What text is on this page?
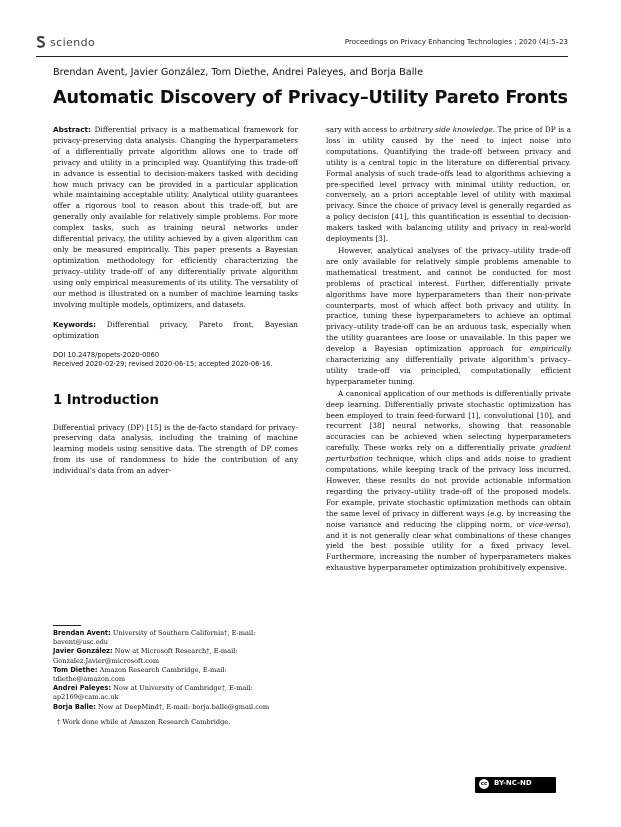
sciendo	Proceedings on Privacy Enhancing Technologies ; 2020 (4):5–23
Brendan Avent, Javier González, Tom Diethe, Andrei Paleyes, and Borja Balle
Automatic Discovery of Privacy–Utility Pareto Fronts

Abstract: Differential privacy is a mathematical framework for privacy-preserving data analysis. Changing the hyperparameters of a differentially private algorithm allows one to trade off privacy and utility in a principled way. Quantifying this trade-off in advance is essential to decision-makers tasked with deciding how much privacy can be provided in a particular application while maintaining acceptable utility. Analytical utility guarantees offer a rigorous tool to reason about this trade-off, but are generally only available for relatively simple problems. For more complex tasks, such as training neural networks under differential privacy, the utility achieved by a given algorithm can only be measured empirically. This paper presents a Bayesian optimization methodology for efficiently characterizing the privacy–utility trade-off of any differentially private algorithm using only empirical measurements of its utility. The versatility of our method is illustrated on a number of machine learning tasks involving multiple models, optimizers, and datasets.

Keywords: Differential privacy, Pareto front, Bayesian optimization

DOI 10.2478/popets-2020-0060
Received 2020-02-29; revised 2020-06-15; accepted 2020-06-16.
1 Introduction

Differential privacy (DP) [15] is the de-facto standard for privacy-preserving data analysis, including the training of machine learning models using sensitive data. The strength of DP comes from its use of randomness to hide the contribution of any individual’s data from an adver-

Brendan Avent: University of Southern California†, E-mail: bavent@usc.edu
Javier González: Now at Microsoft Research†, E-mail: Gonzalez.Javier@microsoft.com
Tom Diethe: Amazon Research Cambridge, E-mail: tdiethe@amazon.com
Andrei Paleyes: Now at University of Cambridge†, E-mail: ap2169@cam.ac.uk
Borja Balle: Now at DeepMind†, E-mail: borja.balle@gmail.com
† Work done while at Amazon Research Cambridge.

sary with access to arbitrary side knowledge. The price of DP is a loss in utility caused by the need to inject noise into computations. Quantifying the trade-off between privacy and utility is a central topic in the literature on differential privacy. Formal analysis of such trade-offs lead to algorithms achieving a pre-specified level privacy with minimal utility reduction, or, conversely, an a priori acceptable level of utility with maximal privacy. Since the choice of privacy level is generally regarded as a policy decision [41], this quantification is essential to decision-makers tasked with balancing utility and privacy in real-world deployments [3].

However, analytical analyses of the privacy–utility trade-off are only available for relatively simple problems amenable to mathematical treatment, and cannot be conducted for most problems of practical interest. Further, differentially private algorithms have more hyperparameters than their non-private counterparts, most of which affect both privacy and utility. In practice, tuning these hyperparameters to achieve an optimal privacy–utility trade-off can be an arduous task, especially when the utility guarantees are loose or unavailable. In this paper we develop a Bayesian optimization approach for empirically characterizing any differentially private algorithm’s privacy–utility trade-off via principled, computationally efficient hyperparameter tuning.

A canonical application of our methods is differentially private deep learning. Differentially private stochastic optimization has been employed to train feed-forward [1], convolutional [10], and recurrent [38] neural networks, showing that reasonable accuracies can be achieved when selecting hyperparameters carefully. These works rely on a differentially private gradient perturbation technique, which clips and adds noise to gradient computations, while keeping track of the privacy loss incurred. However, these results do not provide actionable information regarding the privacy–utility trade-off of the proposed models. For example, private stochastic optimization methods can obtain the same level of privacy in different ways (e.g. by increasing the noise variance and reducing the clipping norm, or vice-versa), and it is not generally clear what combinations of these changes yield the best possible utility for a fixed privacy level. Furthermore, increasing the number of hyperparameters makes exhaustive hyperparameter optimization prohibitively expensive.

cc BY-NC-ND
